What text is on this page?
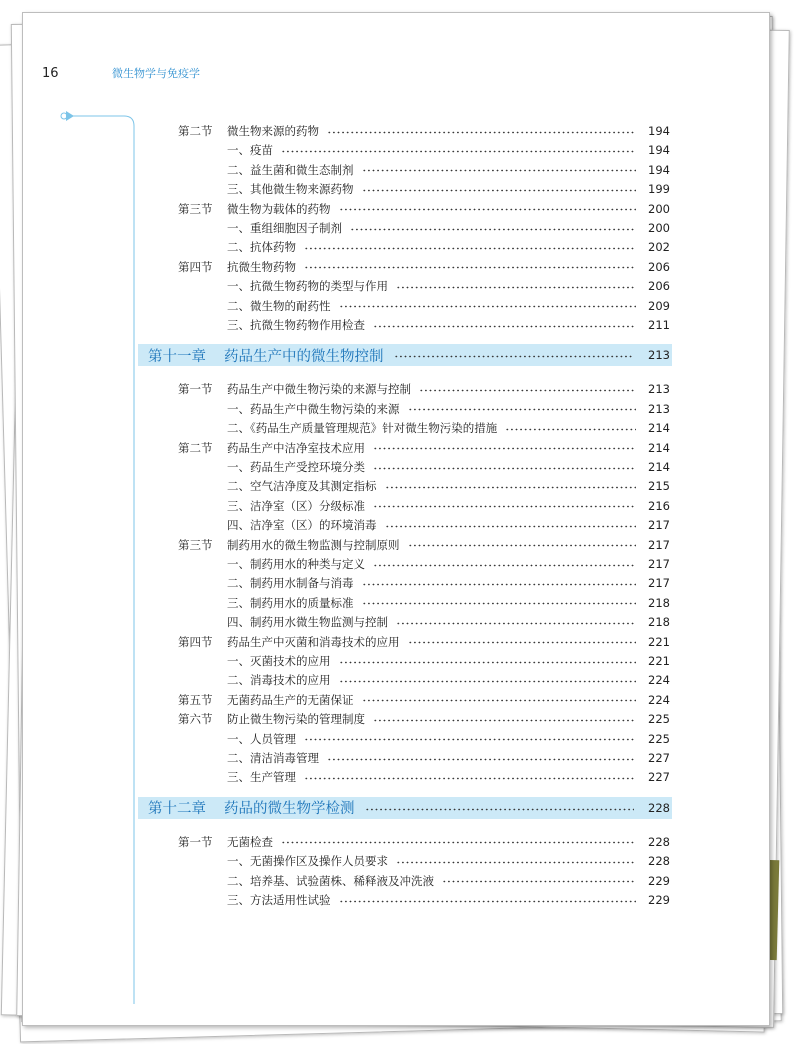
16	微生物学与免疫学
第二节	微生物来源的药物	194
一、疫苗	194
二、益生菌和微生态制剂	194
三、其他微生物来源药物	199
第三节	微生物为载体的药物	200
一、重组细胞因子制剂	200
二、抗体药物	202
第四节	抗微生物药物	206
一、抗微生物药物的类型与作用	206
二、微生物的耐药性	209
三、抗微生物药物作用检查	211
第十一章	药品生产中的微生物控制	213
第一节	药品生产中微生物污染的来源与控制	213
一、药品生产中微生物污染的来源	213
二、《药品生产质量管理规范》针对微生物污染的措施	214
第二节	药品生产中洁净室技术应用	214
一、药品生产受控环境分类	214
二、空气洁净度及其测定指标	215
三、洁净室（区）分级标准	216
四、洁净室（区）的环境消毒	217
第三节	制药用水的微生物监测与控制原则	217
一、制药用水的种类与定义	217
二、制药用水制备与消毒	217
三、制药用水的质量标准	218
四、制药用水微生物监测与控制	218
第四节	药品生产中灭菌和消毒技术的应用	221
一、灭菌技术的应用	221
二、消毒技术的应用	224
第五节	无菌药品生产的无菌保证	224
第六节	防止微生物污染的管理制度	225
一、人员管理	225
二、清洁消毒管理	227
三、生产管理	227
第十二章	药品的微生物学检测	228
第一节	无菌检查	228
一、无菌操作区及操作人员要求	228
二、培养基、试验菌株、稀释液及冲洗液	229
三、方法适用性试验	229
